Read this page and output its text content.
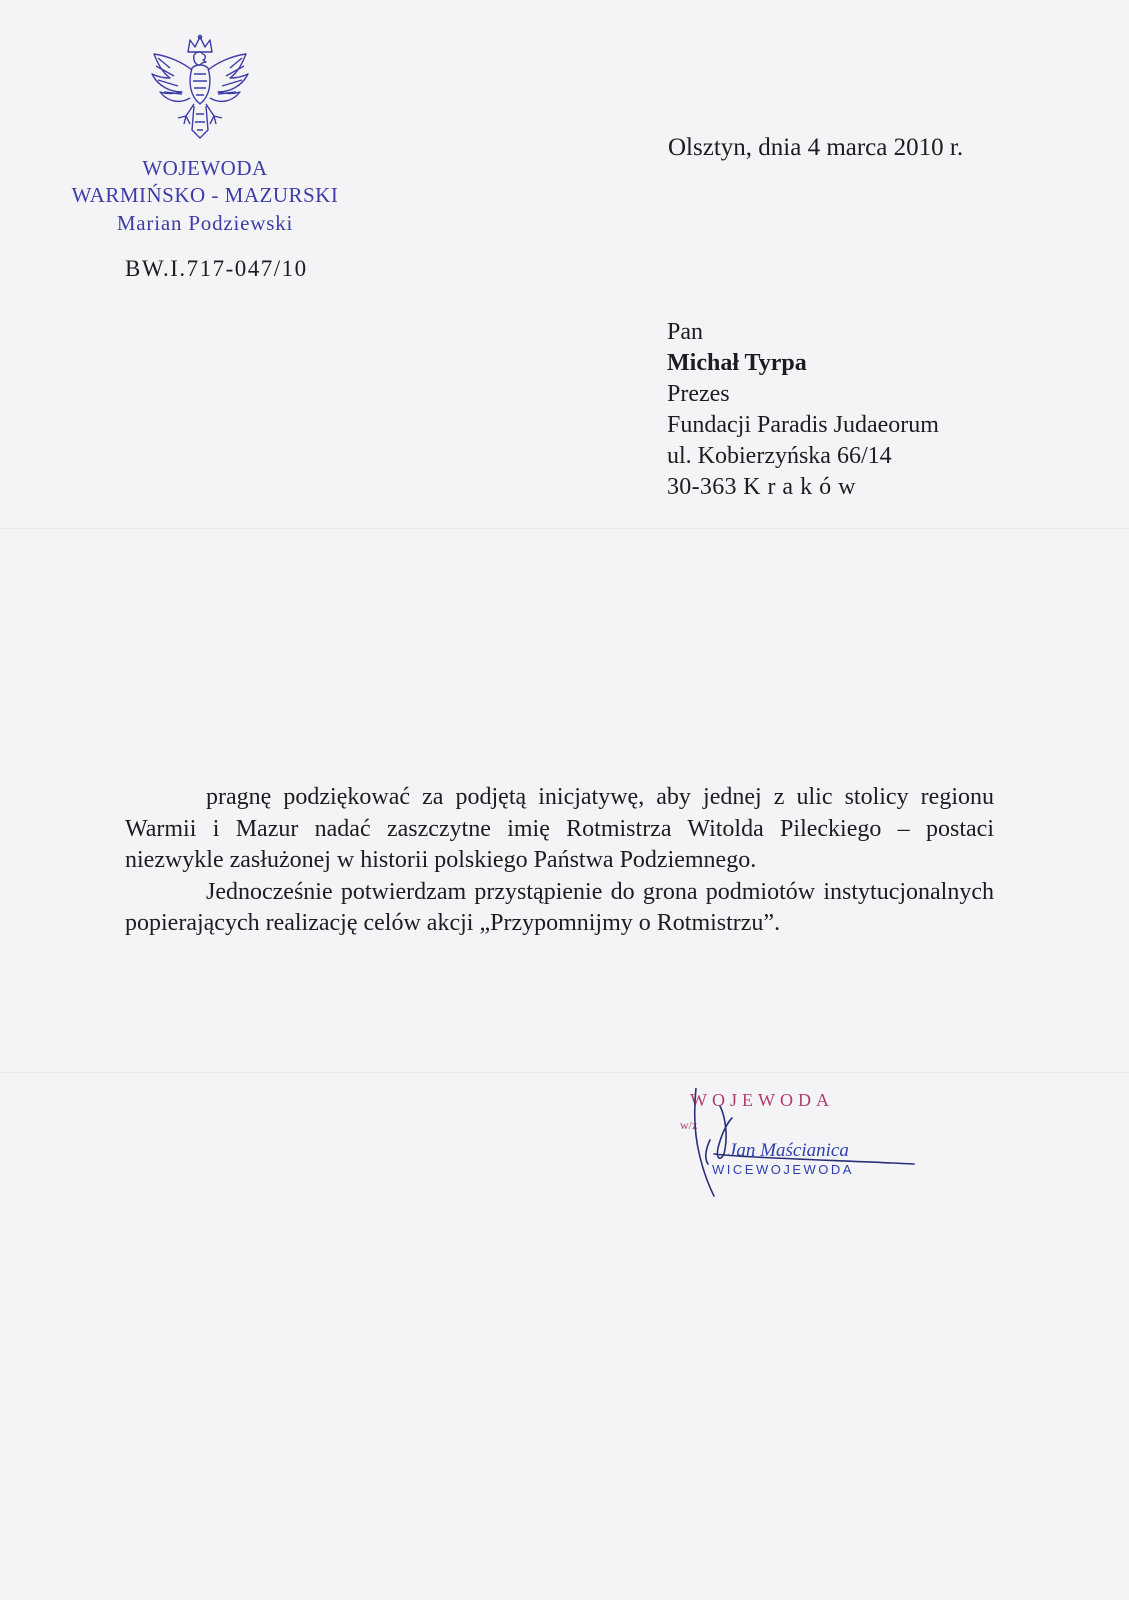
WOJEWODA
WARMIŃSKO - MAZURSKI
Marian Podziewski
BW.I.717-047/10
Olsztyn, dnia 4 marca 2010 r.
Pan
Michał Tyrpa
Prezes
Fundacji Paradis Judaeorum
ul. Kobierzyńska 66/14
30-363 Kraków

pragnę podziękować za podjętą inicjatywę, aby jednej z ulic stolicy regionu Warmii i Mazur nadać zaszczytne imię Rotmistrza Witolda Pileckiego – postaci niezwykle zasłużonej w historii polskiego Państwa Podziemnego.

Jednocześnie potwierdzam przystąpienie do grona podmiotów instytucjonalnych popierających realizację celów akcji „Przypomnijmy o Rotmistrzu”.

WOJEWODA
w/z
Jan Maścianica
WICEWOJEWODA
